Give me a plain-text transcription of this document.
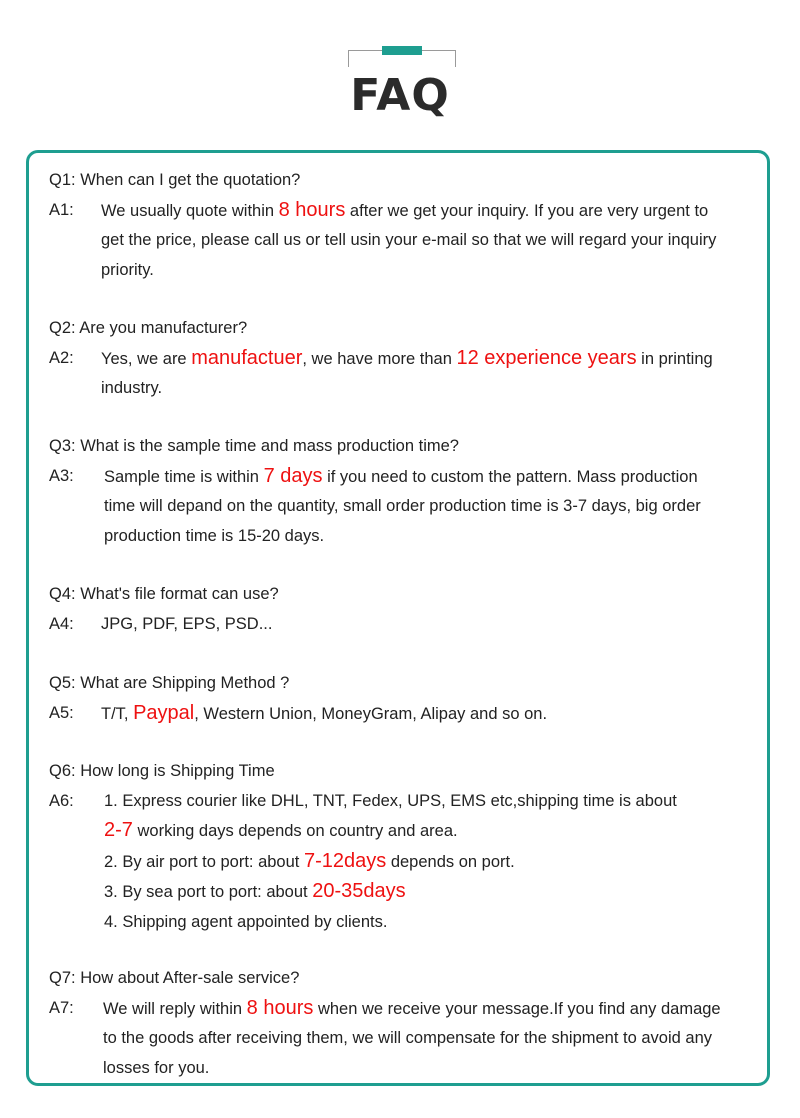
FAQ
Q1: When can I get the quotation?
A1:	We usually quote within 8 hours after we get your inquiry. If you are very urgent to
get the price, please call us or tell usin your e-mail so that we will regard your inquiry
priority.
Q2: Are you manufacturer?
A2:	Yes, we are manufactuer, we have more than 12 experience years in printing
industry.
Q3: What is the sample time and mass production time?
A3:	Sample time is within 7 days if you need to custom the pattern. Mass production
time will depand on the quantity, small order production time is 3-7 days, big order
production time is 15-20 days.
Q4: What's file format can use?
A4:	JPG, PDF, EPS, PSD...
Q5: What are Shipping Method ?
A5:	T/T, Paypal, Western Union, MoneyGram, Alipay and so on.
Q6: How long is Shipping Time
A6:	1. Express courier like DHL, TNT, Fedex, UPS, EMS etc,shipping time is about
2-7 working days depends on country and area.
2. By air port to port: about 7-12days depends on port.
3. By sea port to port: about 20-35days
4. Shipping agent appointed by clients.
Q7: How about After-sale service?
A7:	We will reply within 8 hours when we receive your message.If you find any damage
to the goods after receiving them, we will compensate for the shipment to avoid any
losses for you.
